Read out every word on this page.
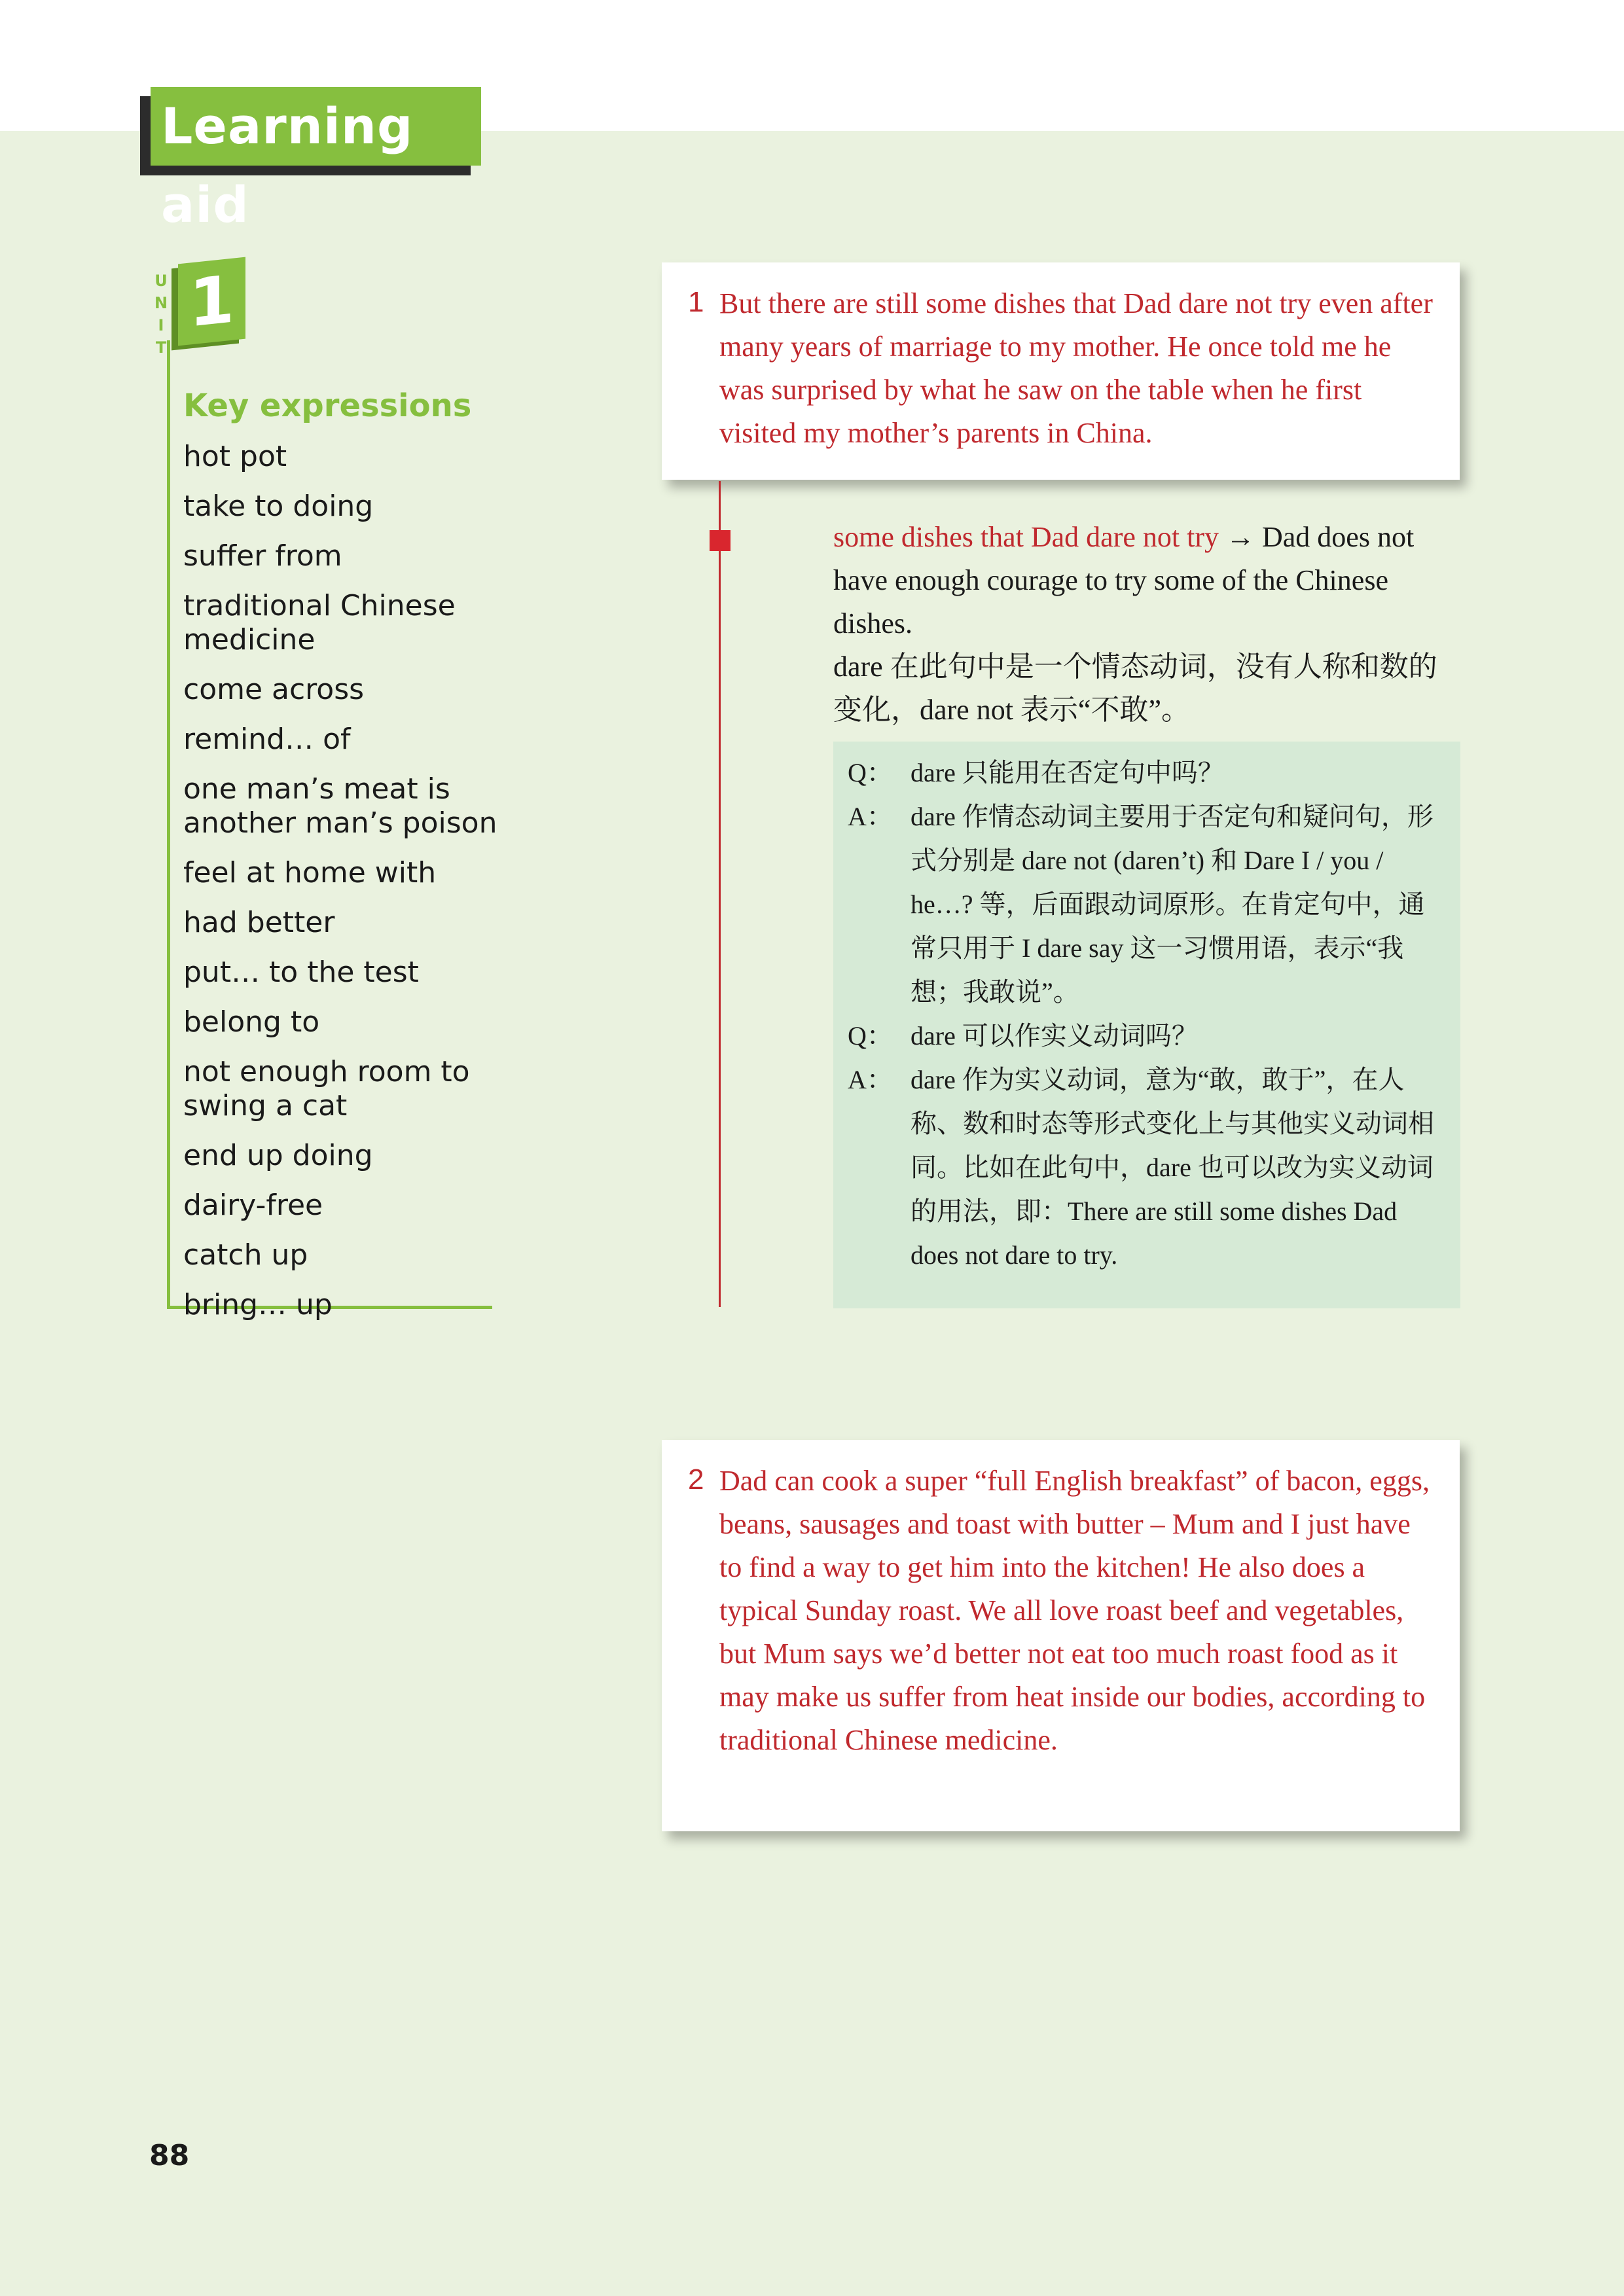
Learning aid
U
N
I
T
1
Key expressions
hot pot
take to doing
suffer from
traditional Chinese medicine
come across
remind… of
one man’s meat is another man’s poison
feel at home with
had better
put… to the test
belong to
not enough room to swing a cat
end up doing
dairy-free
catch up
bring… up
1 But there are still some dishes that Dad dare not try even after many years of marriage to my mother. He once told me he was surprised by what he saw on the table when he first visited my mother’s parents in China.

some dishes that Dad dare not try → Dad does not have enough courage to try some of the Chinese dishes.

dare 在此句中是一个情态动词，没有人称和数的变化，dare not 表示“不敢”。

Q： dare 只能用在否定句中吗？
A： dare 作情态动词主要用于否定句和疑问句，形式分别是 dare not (daren’t) 和 Dare I / you / he…? 等，后面跟动词原形。在肯定句中，通常只用于 I dare say 这一习惯用语，表示“我想；我敢说”。
Q： dare 可以作实义动词吗？
A： dare 作为实义动词，意为“敢，敢于”，在人称、数和时态等形式变化上与其他实义动词相同。比如在此句中，dare 也可以改为实义动词的用法，即：There are still some dishes Dad does not dare to try.
2 Dad can cook a super “full English breakfast” of bacon, eggs, beans, sausages and toast with butter – Mum and I just have to find a way to get him into the kitchen! He also does a typical Sunday roast. We all love roast beef and vegetables, but Mum says we’d better not eat too much roast food as it may make us suffer from heat inside our bodies, according to traditional Chinese medicine.
88
